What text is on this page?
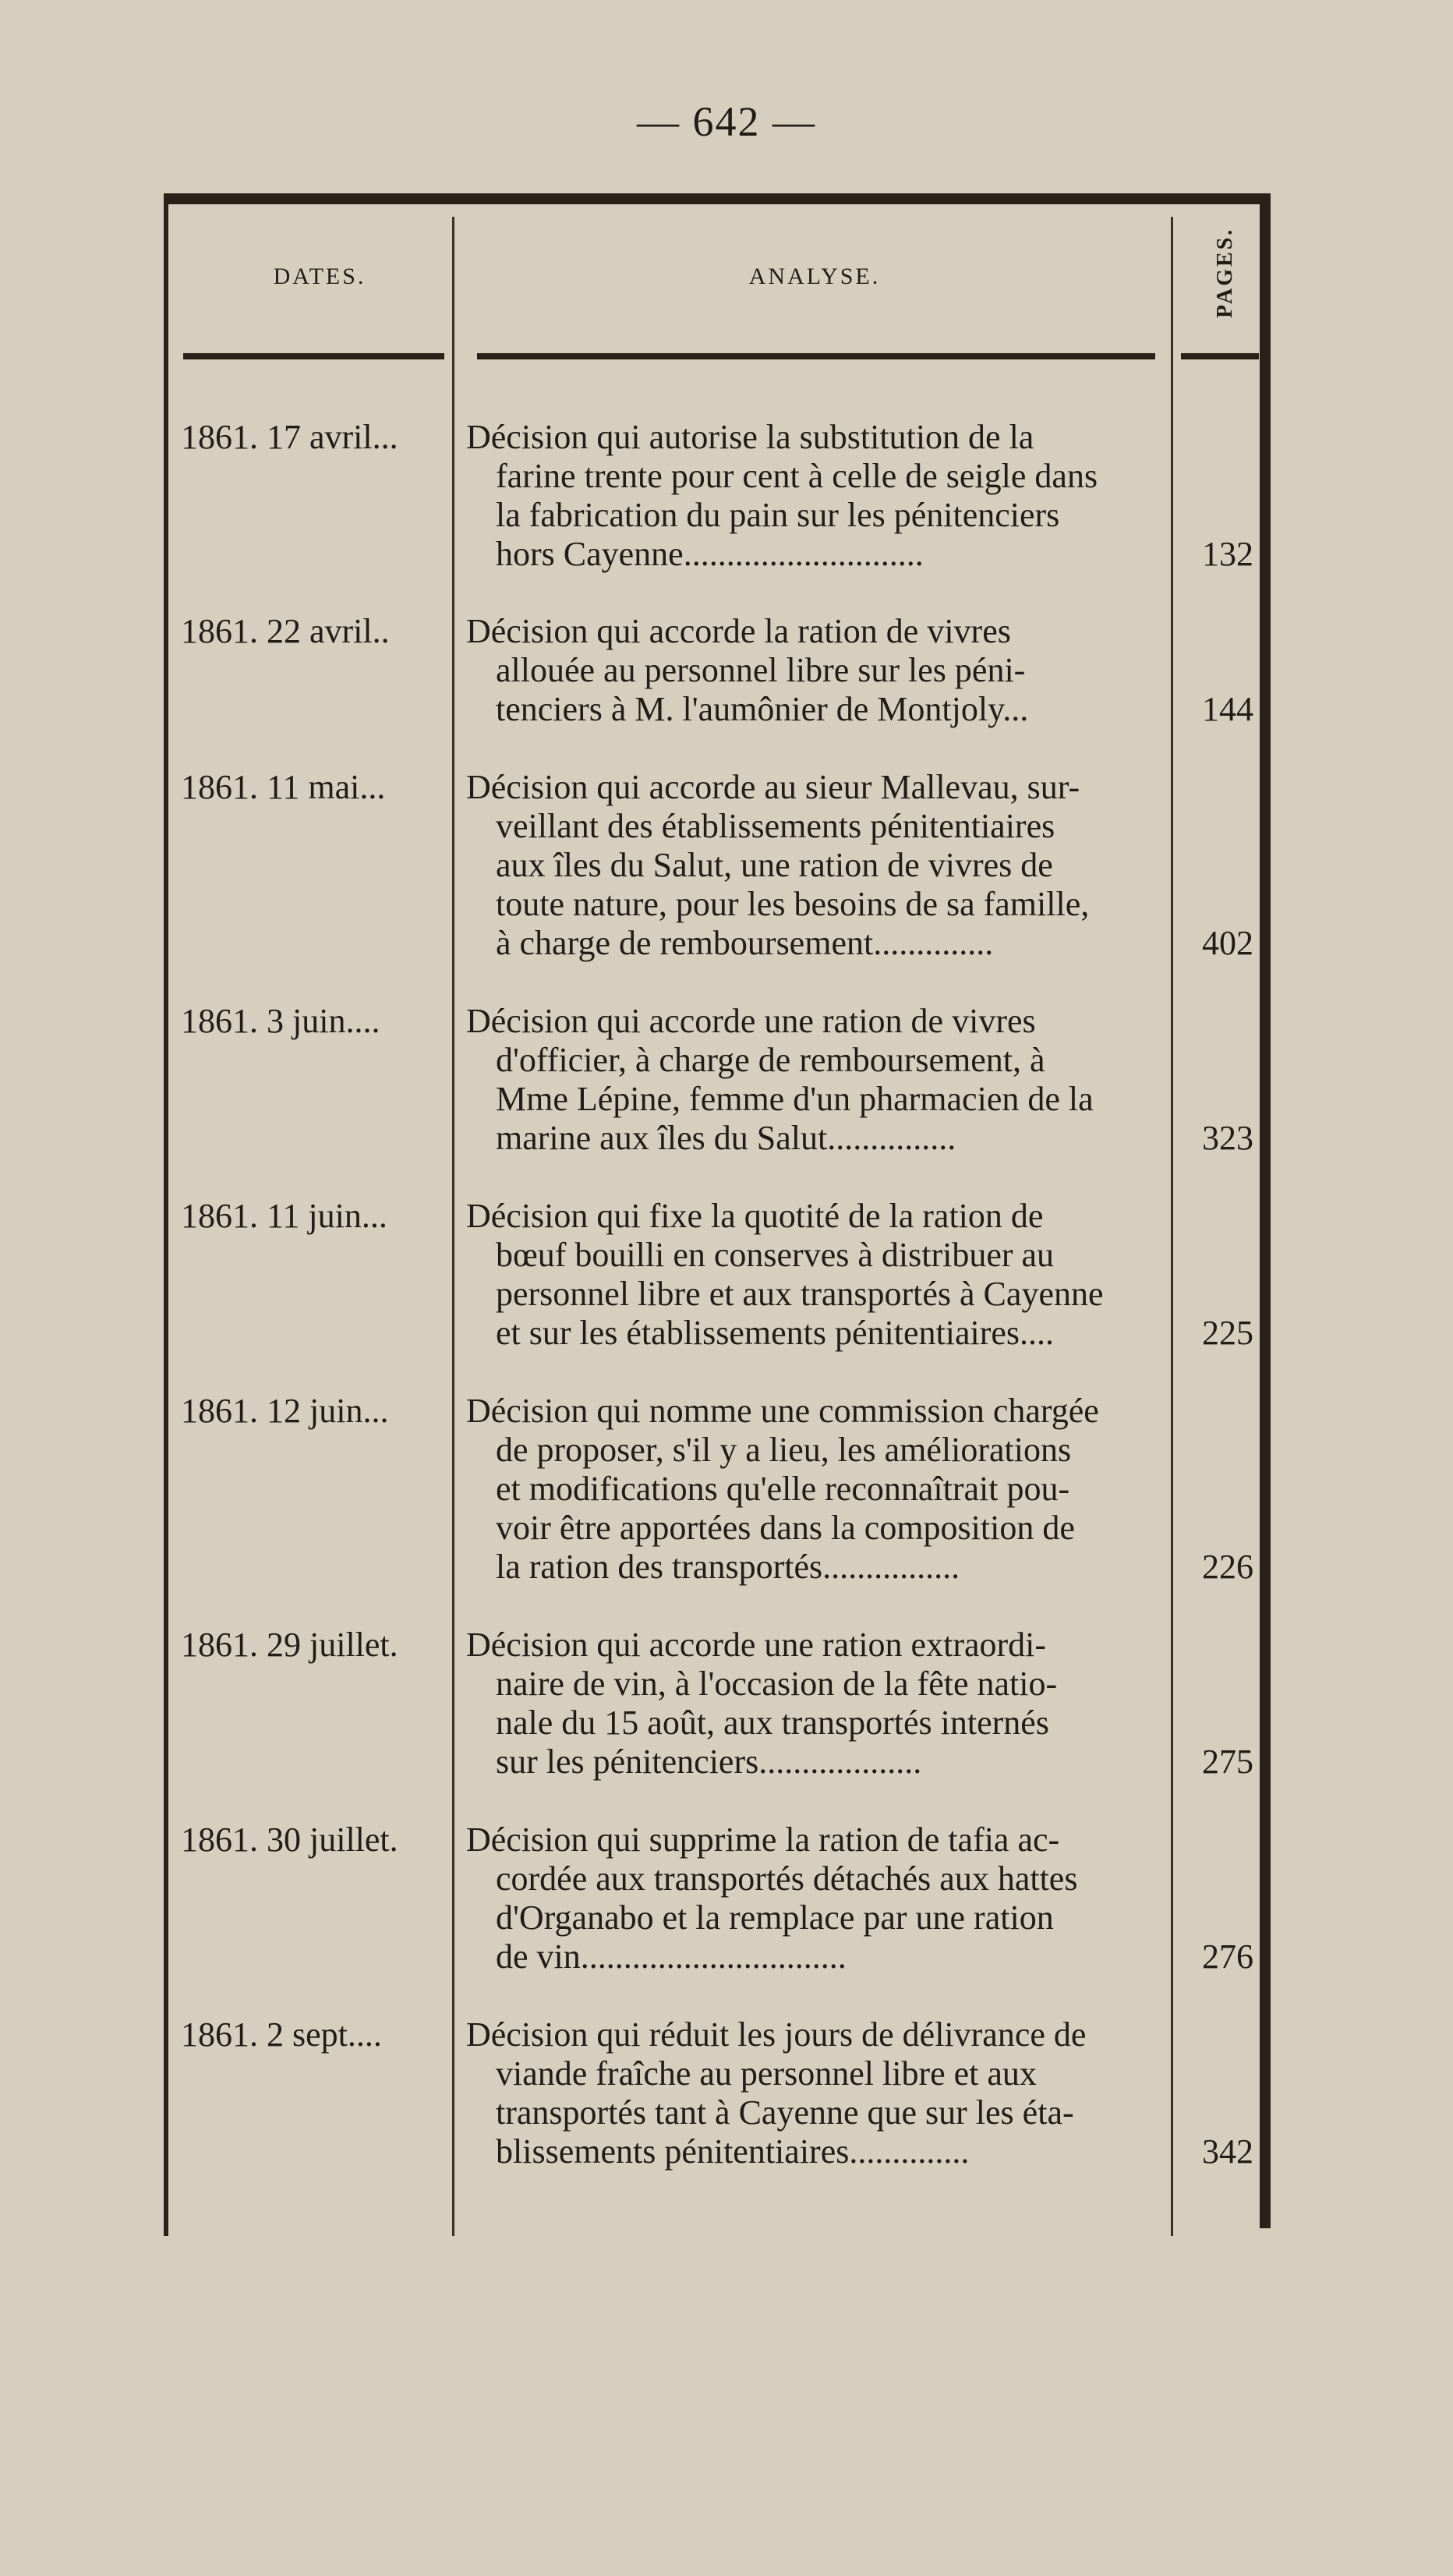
— 642 —
DATES.	ANALYSE.	PAGES.
1861. 17 avril...	Décision qui autorise la substitution de la
farine trente pour cent à celle de seigle dans
la fabrication du pain sur les pénitenciers
hors Cayenne............................	132
1861. 22 avril..	Décision qui accorde la ration de vivres
allouée au personnel libre sur les péni-
tenciers à M. l'aumônier de Montjoly...	144
1861. 11 mai...	Décision qui accorde au sieur Mallevau, sur-
veillant des établissements pénitentiaires
aux îles du Salut, une ration de vivres de
toute nature, pour les besoins de sa famille,
à charge de remboursement..............	402
1861. 3 juin....	Décision qui accorde une ration de vivres
d'officier, à charge de remboursement, à
Mme Lépine, femme d'un pharmacien de la
marine aux îles du Salut...............	323
1861. 11 juin...	Décision qui fixe la quotité de la ration de
bœuf bouilli en conserves à distribuer au
personnel libre et aux transportés à Cayenne
et sur les établissements pénitentiaires....	225
1861. 12 juin...	Décision qui nomme une commission chargée
de proposer, s'il y a lieu, les améliorations
et modifications qu'elle reconnaîtrait pou-
voir être apportées dans la composition de
la ration des transportés................	226
1861. 29 juillet.	Décision qui accorde une ration extraordi-
naire de vin, à l'occasion de la fête natio-
nale du 15 août, aux transportés internés
sur les pénitenciers...................	275
1861. 30 juillet.	Décision qui supprime la ration de tafia ac-
cordée aux transportés détachés aux hattes
d'Organabo et la remplace par une ration
de vin...............................	276
1861. 2 sept....	Décision qui réduit les jours de délivrance de
viande fraîche au personnel libre et aux
transportés tant à Cayenne que sur les éta-
blissements pénitentiaires..............	342
